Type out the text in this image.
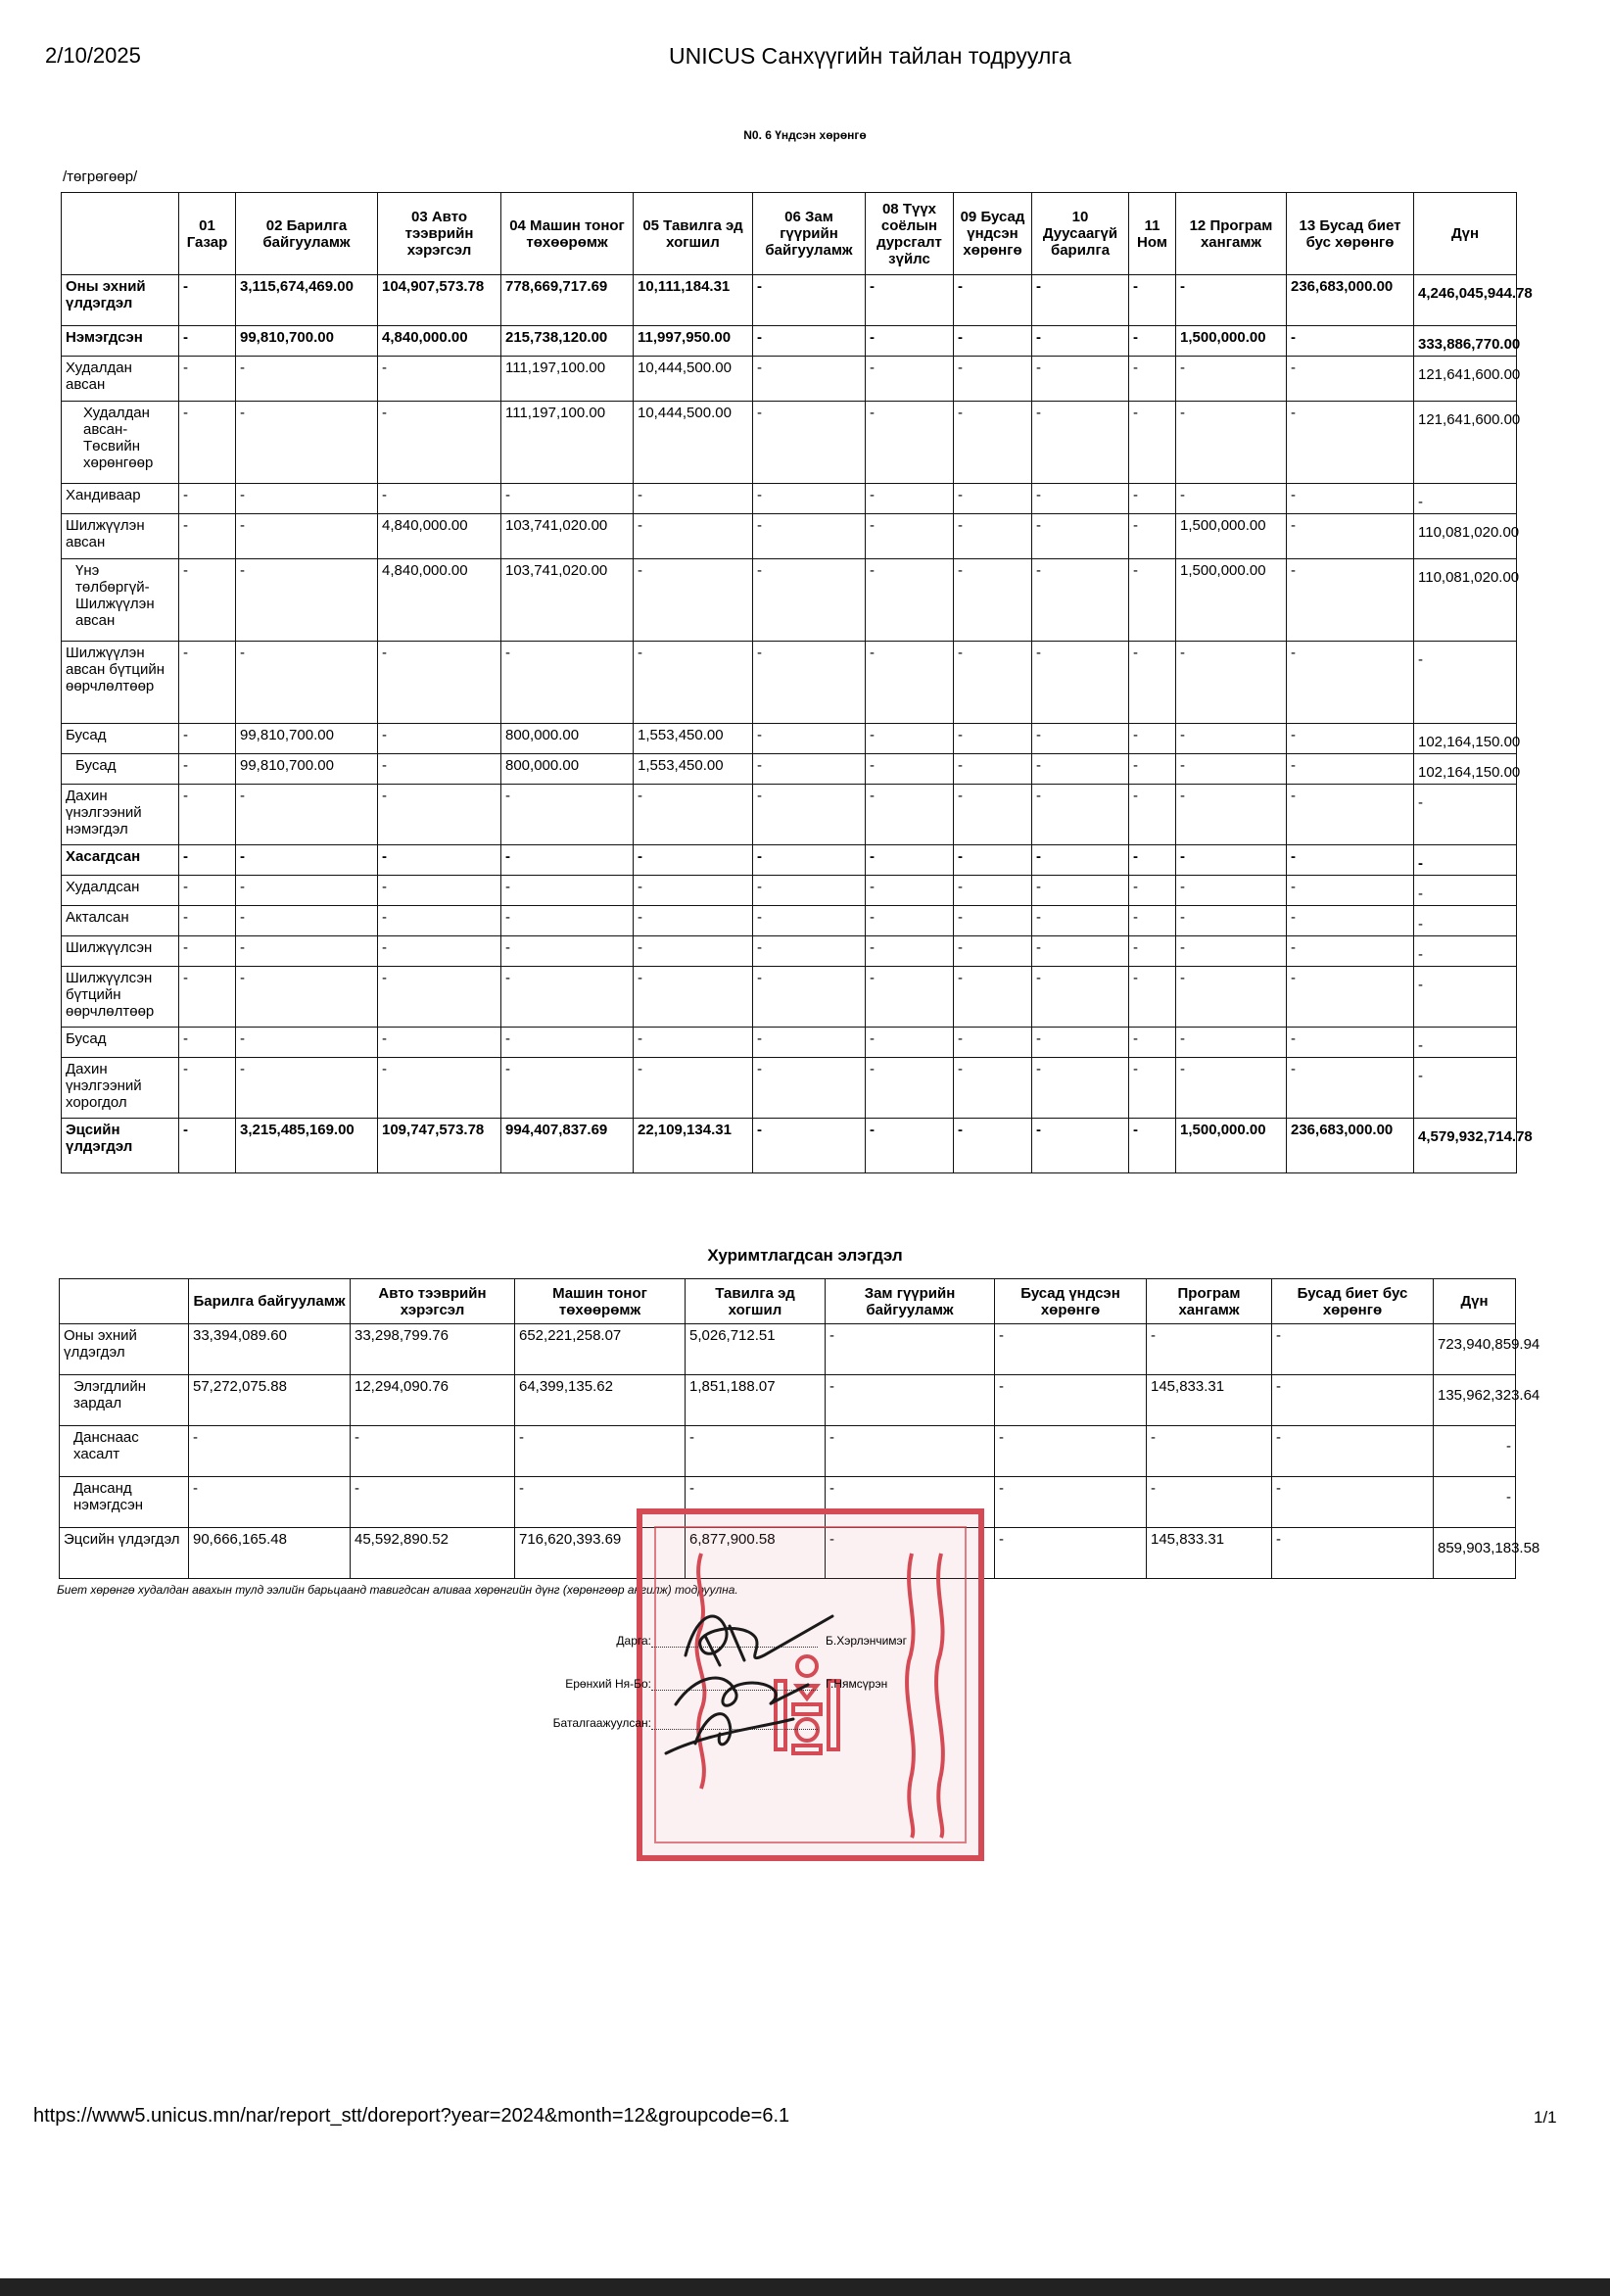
2/10/2025	UNICUS Санхүүгийн тайлан тодруулга
N0. 6 Үндсэн хөрөнгө
/төгрөгөөр/
	01 Газар	02 Барилга байгууламж	03 Авто тээврийн хэрэгсэл	04 Машин тоног төхөөрөмж	05 Тавилга эд хогшил	06 Зам гүүрийн байгууламж	08 Түүх соёлын дурсгалт зүйлс	09 Бусад үндсэн хөрөнгө	10 Дуусаагүй барилга	11 Ном	12 Програм хангамж	13 Бусад биет бус хөрөнгө	Дүн
Оны эхний үлдэгдэл	-	3,115,674,469.00	104,907,573.78	778,669,717.69	10,111,184.31	-	-	-	-	-	-	236,683,000.00	4,246,045,944.78
Нэмэгдсэн	-	99,810,700.00	4,840,000.00	215,738,120.00	11,997,950.00	-	-	-	-	-	1,500,000.00	-	333,886,770.00
Худалдан авсан	-	-	-	111,197,100.00	10,444,500.00	-	-	-	-	-	-	-	121,641,600.00
Худалдан авсан-Төсвийн хөрөнгөөр	-	-	-	111,197,100.00	10,444,500.00	-	-	-	-	-	-	-	121,641,600.00
Хандиваар	-	-	-	-	-	-	-	-	-	-	-	-	-
Шилжүүлэн авсан	-	-	4,840,000.00	103,741,020.00	-	-	-	-	-	-	1,500,000.00	-	110,081,020.00
Үнэ төлбөргүй-Шилжүүлэн авсан	-	-	4,840,000.00	103,741,020.00	-	-	-	-	-	-	1,500,000.00	-	110,081,020.00
Шилжүүлэн авсан бүтцийн өөрчлөлтөөр	-	-	-	-	-	-	-	-	-	-	-	-	-
Бусад	-	99,810,700.00	-	800,000.00	1,553,450.00	-	-	-	-	-	-	-	102,164,150.00
Бусад	-	99,810,700.00	-	800,000.00	1,553,450.00	-	-	-	-	-	-	-	102,164,150.00
Дахин үнэлгээний нэмэгдэл	-	-	-	-	-	-	-	-	-	-	-	-	-
Хасагдсан	-	-	-	-	-	-	-	-	-	-	-	-	-
Худалдсан	-	-	-	-	-	-	-	-	-	-	-	-	-
Акталсан	-	-	-	-	-	-	-	-	-	-	-	-	-
Шилжүүлсэн	-	-	-	-	-	-	-	-	-	-	-	-	-
Шилжүүлсэн бүтцийн өөрчлөлтөөр	-	-	-	-	-	-	-	-	-	-	-	-	-
Бусад	-	-	-	-	-	-	-	-	-	-	-	-	-
Дахин үнэлгээний хорогдол	-	-	-	-	-	-	-	-	-	-	-	-	-
Эцсийн үлдэгдэл	-	3,215,485,169.00	109,747,573.78	994,407,837.69	22,109,134.31	-	-	-	-	-	1,500,000.00	236,683,000.00	4,579,932,714.78
Хуримтлагдсан элэгдэл
	Барилга байгууламж	Авто тээврийн хэрэгсэл	Машин тоног төхөөрөмж	Тавилга эд хогшил	Зам гүүрийн байгууламж	Бусад үндсэн хөрөнгө	Програм хангамж	Бусад биет бус хөрөнгө	Дүн
Оны эхний үлдэгдэл	33,394,089.60	33,298,799.76	652,221,258.07	5,026,712.51	-	-	-	-	723,940,859.94
Элэгдлийн зардал	57,272,075.88	12,294,090.76	64,399,135.62	1,851,188.07	-	-	145,833.31	-	135,962,323.64
Данснаас хасалт	-	-	-	-	-	-	-	-	-
Дансанд нэмэгдсэн	-	-	-	-	-	-	-	-	-
Эцсийн үлдэгдэл	90,666,165.48	45,592,890.52	716,620,393.69	6,877,900.58	-	-	145,833.31	-	859,903,183.58
Биет хөрөнгө худалдан авахын тулд ээлийн барьцаанд тавигдсан аливаа хөрөнгийн дүнг (хөрөнгөөр ангилж) тодруулна.
Дарга:	Б.Хэрлэнчимэг
Ерөнхий Ня-Бо:	Г.Нямсүрэн
Баталгаажуулсан:
https://www5.unicus.mn/nar/report_stt/doreport?year=2024&month=12&groupcode=6.1	1/1
